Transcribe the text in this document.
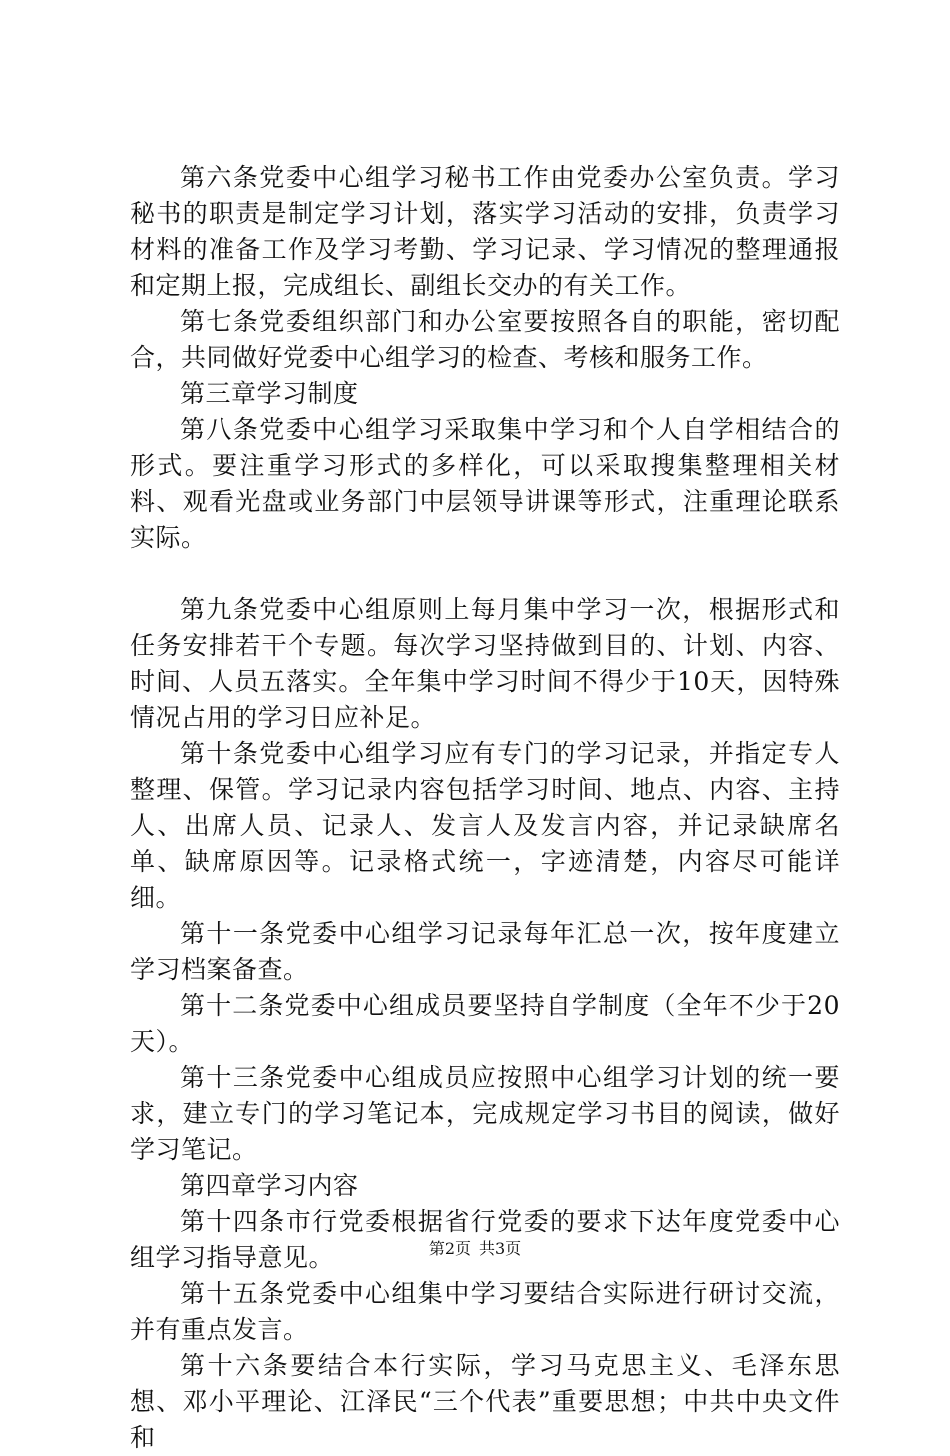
第六条党委中心组学习秘书工作由党委办公室负责。学习秘书的职责是制定学习计划，落实学习活动的安排，负责学习材料的准备工作及学习考勤、学习记录、学习情况的整理通报和定期上报，完成组长、副组长交办的有关工作。

第七条党委组织部门和办公室要按照各自的职能，密切配合，共同做好党委中心组学习的检查、考核和服务工作。

第三章学习制度

第八条党委中心组学习采取集中学习和个人自学相结合的形式。要注重学习形式的多样化，可以采取搜集整理相关材料、观看光盘或业务部门中层领导讲课等形式，注重理论联系实际。

第九条党委中心组原则上每月集中学习一次，根据形式和任务安排若干个专题。每次学习坚持做到目的、计划、内容、时间、人员五落实。全年集中学习时间不得少于10天，因特殊情况占用的学习日应补足。

第十条党委中心组学习应有专门的学习记录，并指定专人整理、保管。学习记录内容包括学习时间、地点、内容、主持人、出席人员、记录人、发言人及发言内容，并记录缺席名单、缺席原因等。记录格式统一，字迹清楚，内容尽可能详细。

第十一条党委中心组学习记录每年汇总一次，按年度建立学习档案备查。

第十二条党委中心组成员要坚持自学制度（全年不少于20天）。

第十三条党委中心组成员应按照中心组学习计划的统一要求，建立专门的学习笔记本，完成规定学习书目的阅读，做好学习笔记。

第四章学习内容

第十四条市行党委根据省行党委的要求下达年度党委中心组学习指导意见。

第十五条党委中心组集中学习要结合实际进行研讨交流，并有重点发言。

第十六条要结合本行实际，学习马克思主义、毛泽东思想、邓小平理论、江泽民“三个代表”重要思想；中共中央文件和

第2页 共3页
